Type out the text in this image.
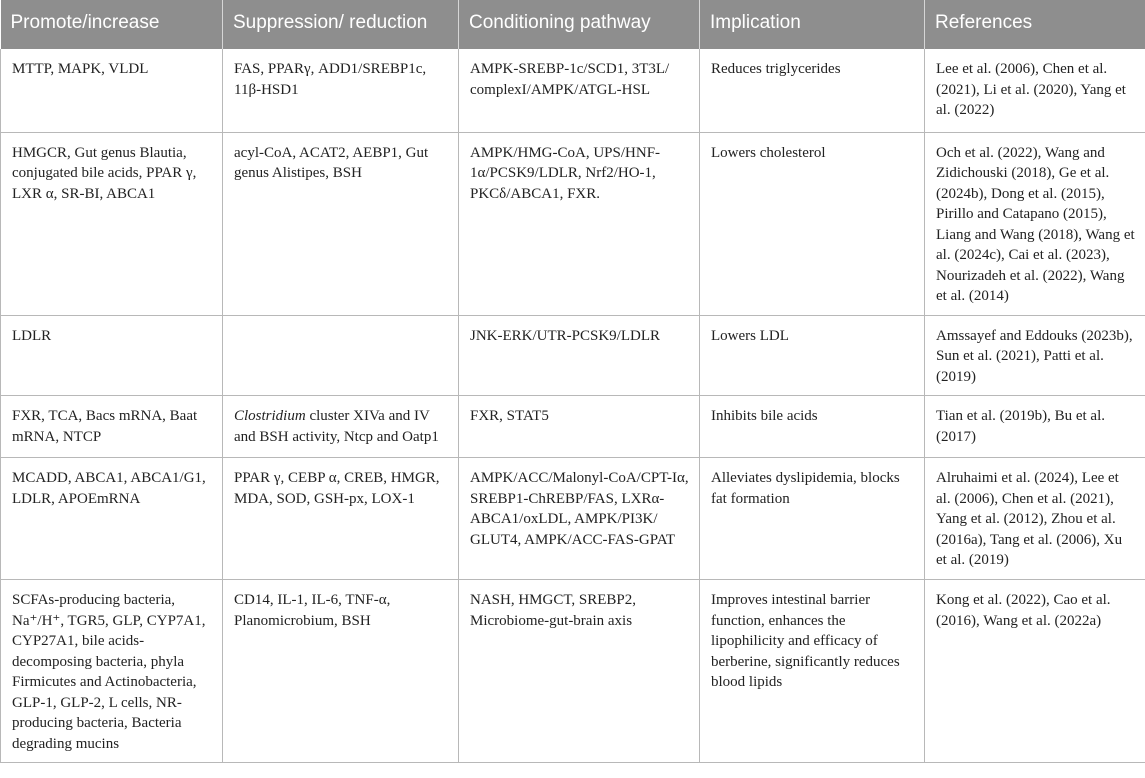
Promote/increase	Suppression/ reduction	Conditioning pathway	Implication	References
MTTP, MAPK, VLDL	FAS, PPARγ, ADD1/SREBP1c, 11β-HSD1	AMPK-SREBP-1c/SCD1, 3T3L/ complexI/AMPK/ATGL-HSL	Reduces triglycerides	Lee et al. (2006), Chen et al. (2021), Li et al. (2020), Yang et al. (2022)
HMGCR, Gut genus Blautia, conjugated bile acids, PPAR γ, LXR α, SR-BI, ABCA1	acyl-CoA, ACAT2, AEBP1, Gut genus Alistipes, BSH	AMPK/HMG-CoA, UPS/HNF-1α/PCSK9/LDLR, Nrf2/HO-1, PKCδ/ABCA1, FXR.	Lowers cholesterol	Och et al. (2022), Wang and Zidichouski (2018), Ge et al. (2024b), Dong et al. (2015), Pirillo and Catapano (2015), Liang and Wang (2018), Wang et al. (2024c), Cai et al. (2023), Nourizadeh et al. (2022), Wang et al. (2014)
LDLR		JNK-ERK/UTR-PCSK9/LDLR	Lowers LDL	Amssayef and Eddouks (2023b), Sun et al. (2021), Patti et al. (2019)
FXR, TCA, Bacs mRNA, Baat mRNA, NTCP	Clostridium cluster XIVa and IV and BSH activity, Ntcp and Oatp1	FXR, STAT5	Inhibits bile acids	Tian et al. (2019b), Bu et al. (2017)
MCADD, ABCA1, ABCA1/G1, LDLR, APOEmRNA	PPAR γ, CEBP α, CREB, HMGR, MDA, SOD, GSH-px, LOX-1	AMPK/ACC/Malonyl-CoA/CPT-Iα, SREBP1-ChREBP/FAS, LXRα-ABCA1/oxLDL, AMPK/PI3K/ GLUT4, AMPK/ACC-FAS-GPAT	Alleviates dyslipidemia, blocks fat formation	Alruhaimi et al. (2024), Lee et al. (2006), Chen et al. (2021), Yang et al. (2012), Zhou et al. (2016a), Tang et al. (2006), Xu et al. (2019)
SCFAs-producing bacteria, Na⁺/H⁺, TGR5, GLP, CYP7A1, CYP27A1, bile acids-decomposing bacteria, phyla Firmicutes and Actinobacteria, GLP-1, GLP-2, L cells, NR-producing bacteria, Bacteria degrading mucins	CD14, IL-1, IL-6, TNF-α, Planomicrobium, BSH	NASH, HMGCT, SREBP2, Microbiome-gut-brain axis	Improves intestinal barrier function, enhances the lipophilicity and efficacy of berberine, significantly reduces blood lipids	Kong et al. (2022), Cao et al. (2016), Wang et al. (2022a)
